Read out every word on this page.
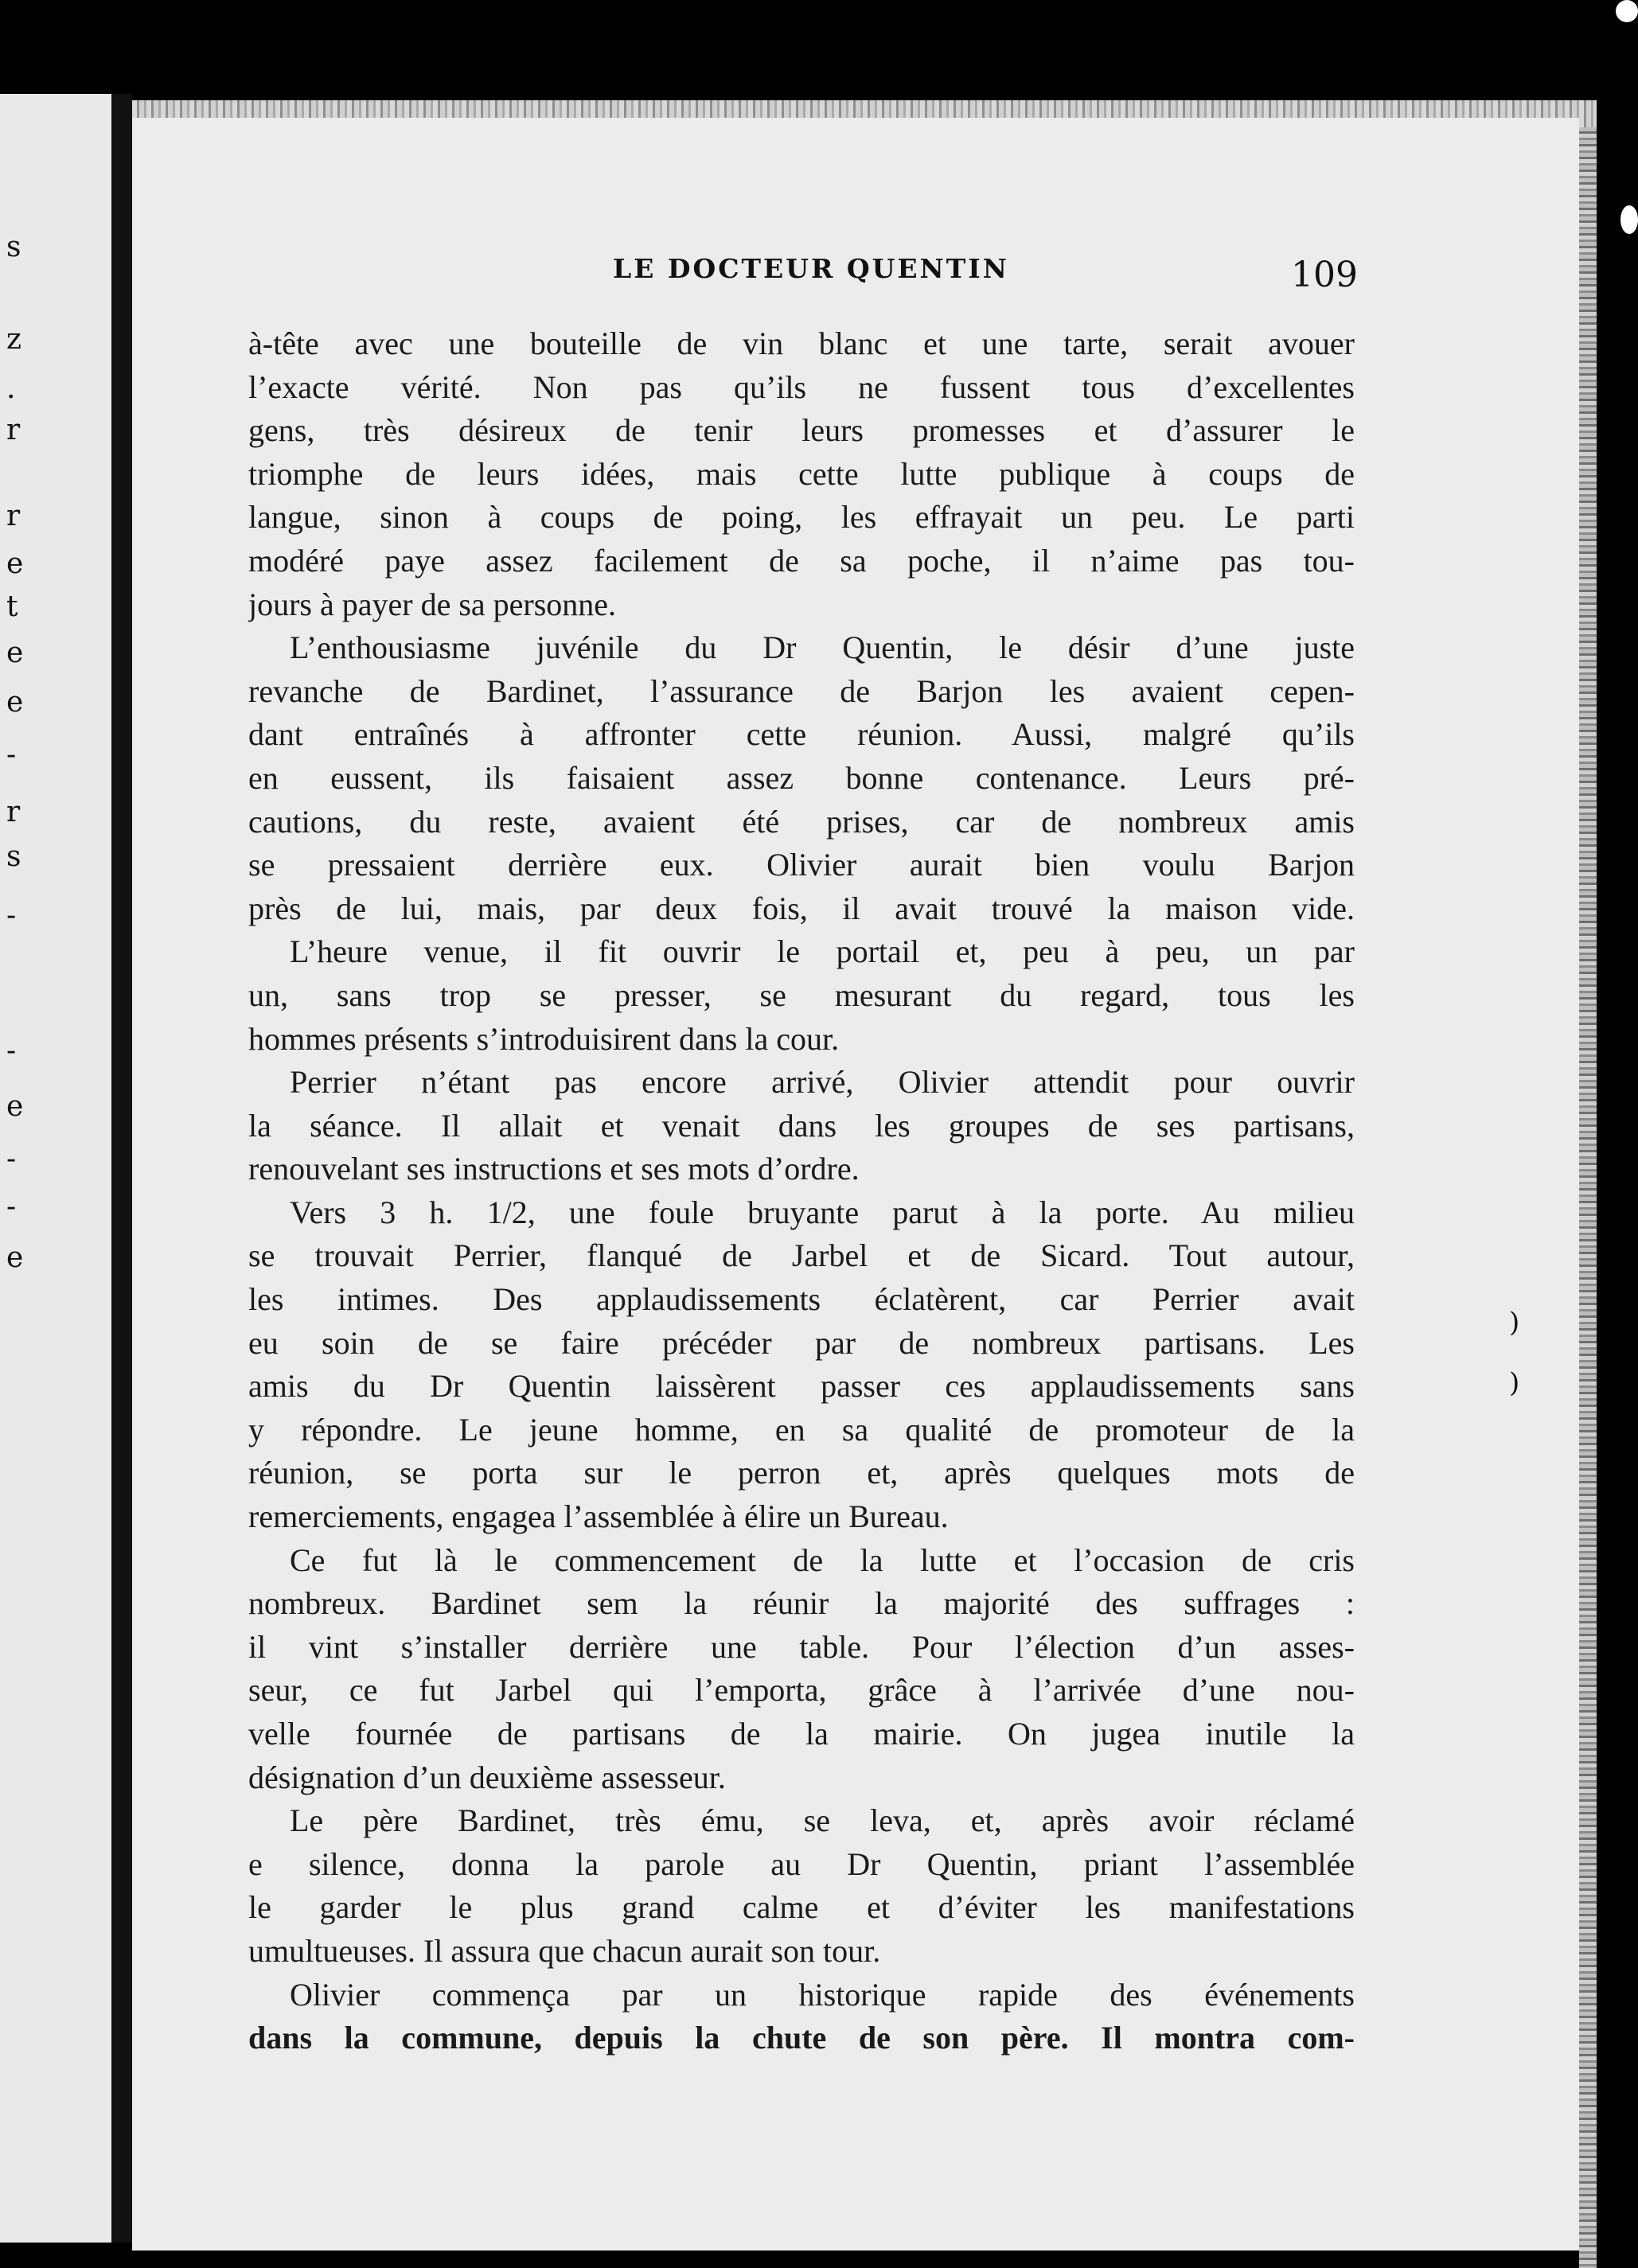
s
z
.
r
r
e
t
e
e
-
r
s
-
-
e
-
-
e
LE DOCTEUR QUENTIN	109
à-tête avec une bouteille de vin blanc et une tarte, serait avouer
l’exacte vérité. Non pas qu’ils ne fussent tous d’excellentes
gens, très désireux de tenir leurs promesses et d’assurer le
triomphe de leurs idées, mais cette lutte publique à coups de
langue, sinon à coups de poing, les effrayait un peu. Le parti
modéré paye assez facilement de sa poche, il n’aime pas tou-
jours à payer de sa personne.
L’enthousiasme juvénile du Dr Quentin, le désir d’une juste
revanche de Bardinet, l’assurance de Barjon les avaient cepen-
dant entraînés à affronter cette réunion. Aussi, malgré qu’ils
en eussent, ils faisaient assez bonne contenance. Leurs pré-
cautions, du reste, avaient été prises, car de nombreux amis
se pressaient derrière eux. Olivier aurait bien voulu Barjon
près de lui, mais, par deux fois, il avait trouvé la maison vide.
L’heure venue, il fit ouvrir le portail et, peu à peu, un par
un, sans trop se presser, se mesurant du regard, tous les
hommes présents s’introduisirent dans la cour.
Perrier n’étant pas encore arrivé, Olivier attendit pour ouvrir
la séance. Il allait et venait dans les groupes de ses partisans,
renouvelant ses instructions et ses mots d’ordre.
Vers 3 h. 1/2, une foule bruyante parut à la porte. Au milieu
se trouvait Perrier, flanqué de Jarbel et de Sicard. Tout autour,
les intimes. Des applaudissements éclatèrent, car Perrier avait
eu soin de se faire précéder par de nombreux partisans. Les
amis du Dr Quentin laissèrent passer ces applaudissements sans
y répondre. Le jeune homme, en sa qualité de promoteur de la
réunion, se porta sur le perron et, après quelques mots de
remerciements, engagea l’assemblée à élire un Bureau.
Ce fut là le commencement de la lutte et l’occasion de cris
nombreux. Bardinet sem la réunir la majorité des suffrages :
il vint s’installer derrière une table. Pour l’élection d’un asses-
seur, ce fut Jarbel qui l’emporta, grâce à l’arrivée d’une nou-
velle fournée de partisans de la mairie. On jugea inutile la
désignation d’un deuxième assesseur.
Le père Bardinet, très ému, se leva, et, après avoir réclamé
e silence, donna la parole au Dr Quentin, priant l’assemblée
le garder le plus grand calme et d’éviter les manifestations
umultueuses. Il assura que chacun aurait son tour.
Olivier commença par un historique rapide des événements
dans la commune, depuis la chute de son père. Il montra com-
)
)
